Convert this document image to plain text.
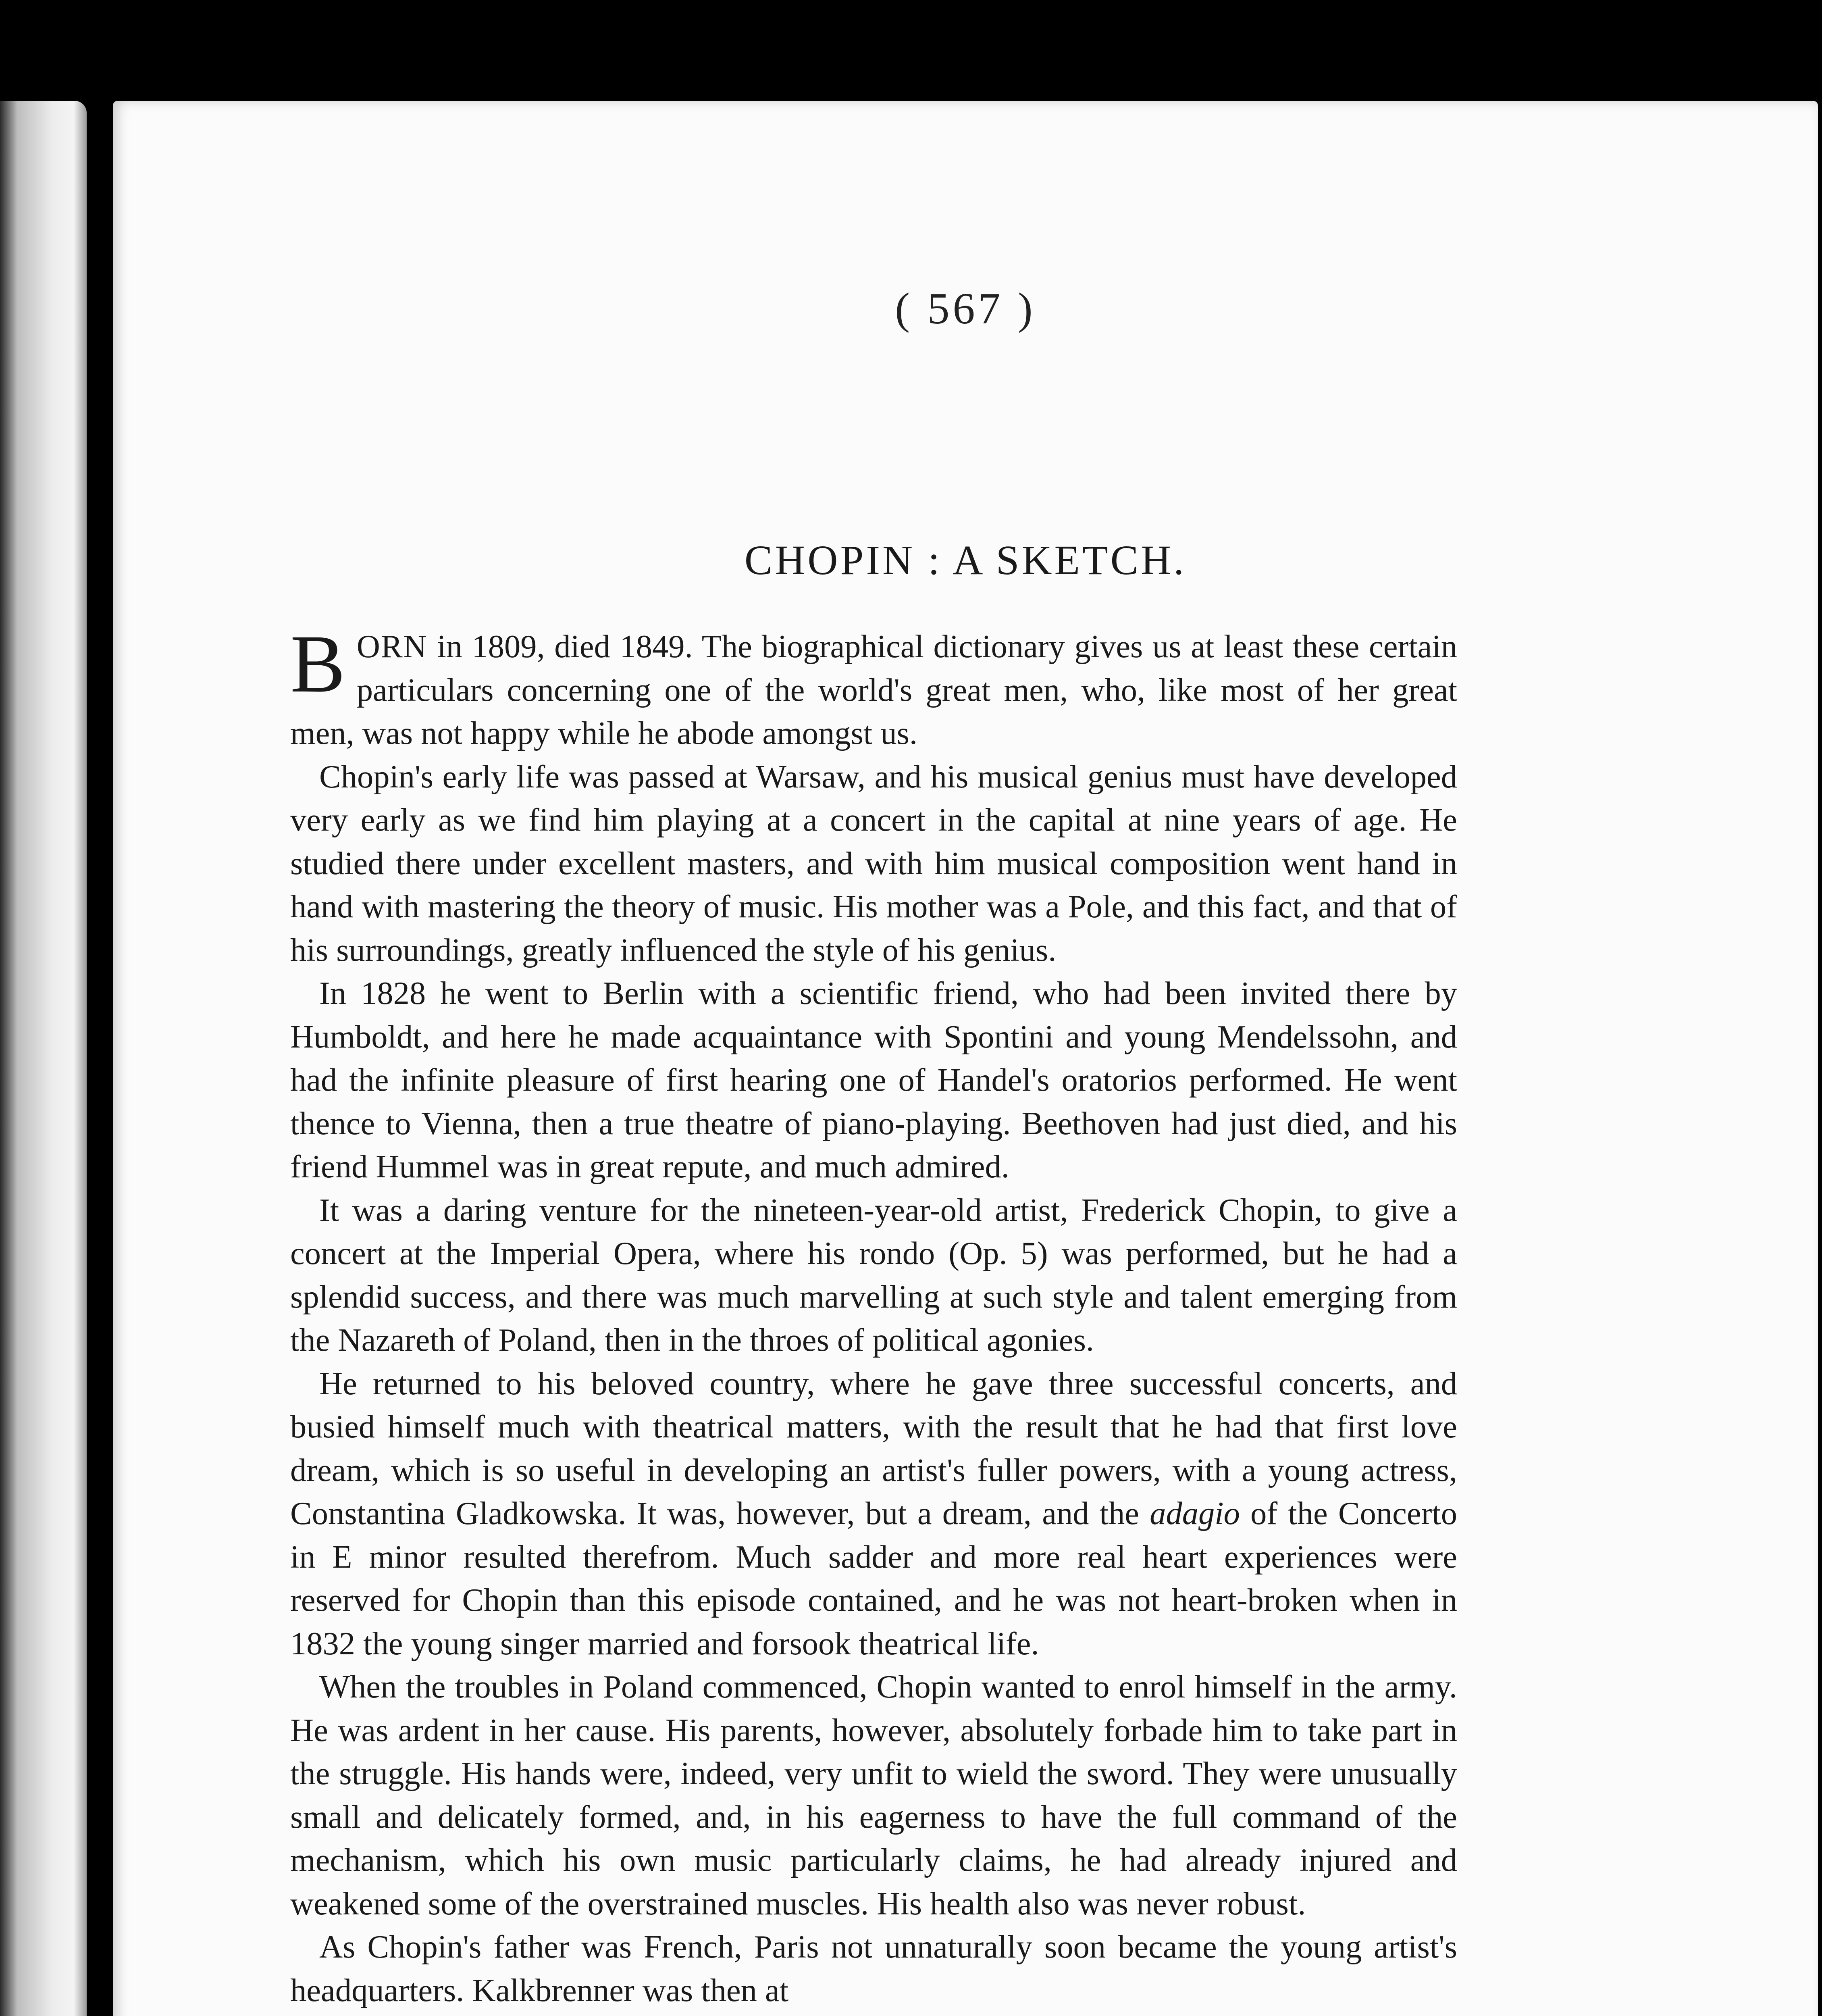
( 567 )
CHOPIN : A SKETCH.

BORN in 1809, died 1849. The biographical dictionary gives us at least these certain particulars concerning one of the world's great men, who, like most of her great men, was not happy while he abode amongst us.

Chopin's early life was passed at Warsaw, and his musical genius must have developed very early as we find him playing at a concert in the capital at nine years of age. He studied there under excellent masters, and with him musical composition went hand in hand with mastering the theory of music. His mother was a Pole, and this fact, and that of his surroundings, greatly influenced the style of his genius.

In 1828 he went to Berlin with a scientific friend, who had been invited there by Humboldt, and here he made acquaintance with Spontini and young Mendelssohn, and had the infinite pleasure of first hearing one of Handel's oratorios performed. He went thence to Vienna, then a true theatre of piano-playing. Beethoven had just died, and his friend Hummel was in great repute, and much admired.

It was a daring venture for the nineteen-year-old artist, Frederick Chopin, to give a concert at the Imperial Opera, where his rondo (Op. 5) was performed, but he had a splendid success, and there was much marvelling at such style and talent emerging from the Nazareth of Poland, then in the throes of political agonies.

He returned to his beloved country, where he gave three successful concerts, and busied himself much with theatrical matters, with the result that he had that first love dream, which is so useful in developing an artist's fuller powers, with a young actress, Constantina Gladkowska. It was, however, but a dream, and the adagio of the Concerto in E minor resulted therefrom. Much sadder and more real heart experiences were reserved for Chopin than this episode contained, and he was not heart-broken when in 1832 the young singer married and forsook theatrical life.

When the troubles in Poland commenced, Chopin wanted to enrol himself in the army. He was ardent in her cause. His parents, however, absolutely forbade him to take part in the struggle. His hands were, indeed, very unfit to wield the sword. They were unusually small and delicately formed, and, in his eagerness to have the full command of the mechanism, which his own music particularly claims, he had already injured and weakened some of the overstrained muscles. His health also was never robust.

As Chopin's father was French, Paris not unnaturally soon became the young artist's headquarters. Kalkbrenner was then at
